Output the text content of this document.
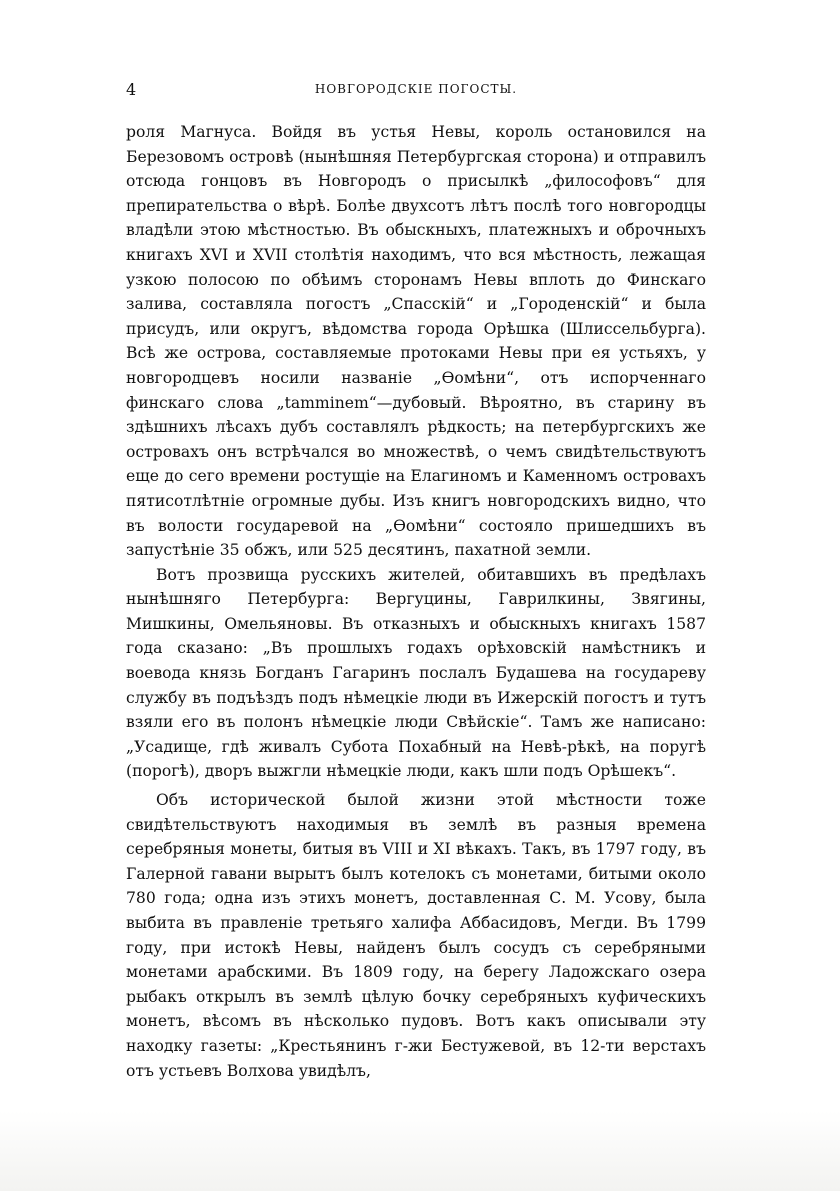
4	НОВГОРОДСКІЕ ПОГОСТЫ.

роля Магнуса. Войдя въ устья Невы, король остановился на Березовомъ островѣ (нынѣшняя Петербургская сторона) и отправилъ отсюда гонцовъ въ Новгородъ о присылкѣ „философовъ“ для препирательства о вѣрѣ. Болѣе двухсотъ лѣтъ послѣ того новгородцы владѣли этою мѣстностью. Въ обыскныхъ, платежныхъ и оброчныхъ книгахъ XVI и XVII столѣтія находимъ, что вся мѣстность, лежащая узкою полосою по обѣимъ сторонамъ Невы вплоть до Финскаго залива, составляла погостъ „Спасскій“ и „Городенскій“ и была присудъ, или округъ, вѣдомства города Орѣшка (Шлиссельбурга). Всѣ же острова, составляемые протоками Невы при ея устьяхъ, у новгородцевъ носили названіе „Ѳомѣни“, отъ испорченнаго финскаго слова „tamminem“—дубовый. Вѣроятно, въ старину въ здѣшнихъ лѣсахъ дубъ составлялъ рѣдкость; на петербургскихъ же островахъ онъ встрѣчался во множествѣ, о чемъ свидѣтельствуютъ еще до сего времени ростущіе на Елагиномъ и Каменномъ островахъ пятисотлѣтніе огромные дубы. Изъ книгъ новгородскихъ видно, что въ волости государевой на „Ѳомѣни“ состояло пришедшихъ въ запустѣніе 35 обжъ, или 525 десятинъ, пахатной земли.

Вотъ прозвища русскихъ жителей, обитавшихъ въ предѣлахъ нынѣшняго Петербурга: Вергуцины, Гаврилкины, Звягины, Мишкины, Омельяновы. Въ отказныхъ и обыскныхъ книгахъ 1587 года сказано: „Въ прошлыхъ годахъ орѣховскій намѣстникъ и воевода князь Богданъ Гагаринъ послалъ Будашева на государеву службу въ подъѣздъ подъ нѣмецкіе люди въ Ижерскій погостъ и тутъ взяли его въ полонъ нѣмецкіе люди Свѣйскіе“. Тамъ же написано: „Усадище, гдѣ живалъ Субота Похабный на Невѣ-рѣкѣ, на поругѣ (порогѣ), дворъ выжгли нѣмецкіе люди, какъ шли подъ Орѣшекъ“.

Объ исторической былой жизни этой мѣстности тоже свидѣтельствуютъ находимыя въ землѣ въ разныя времена серебряныя монеты, битыя въ VIII и XI вѣкахъ. Такъ, въ 1797 году, въ Галерной гавани вырытъ былъ котелокъ съ монетами, битыми около 780 года; одна изъ этихъ монетъ, доставленная С. М. Усову, была выбита въ правленіе третьяго халифа Аббасидовъ, Мегди. Въ 1799 году, при истокѣ Невы, найденъ былъ сосудъ съ серебряными монетами арабскими. Въ 1809 году, на берегу Ладожскаго озера рыбакъ открылъ въ землѣ цѣлую бочку серебряныхъ куфическихъ монетъ, вѣсомъ въ нѣсколько пудовъ. Вотъ какъ описывали эту находку газеты: „Крестьянинъ г-жи Бестужевой, въ 12-ти верстахъ отъ устьевъ Волхова увидѣлъ,
